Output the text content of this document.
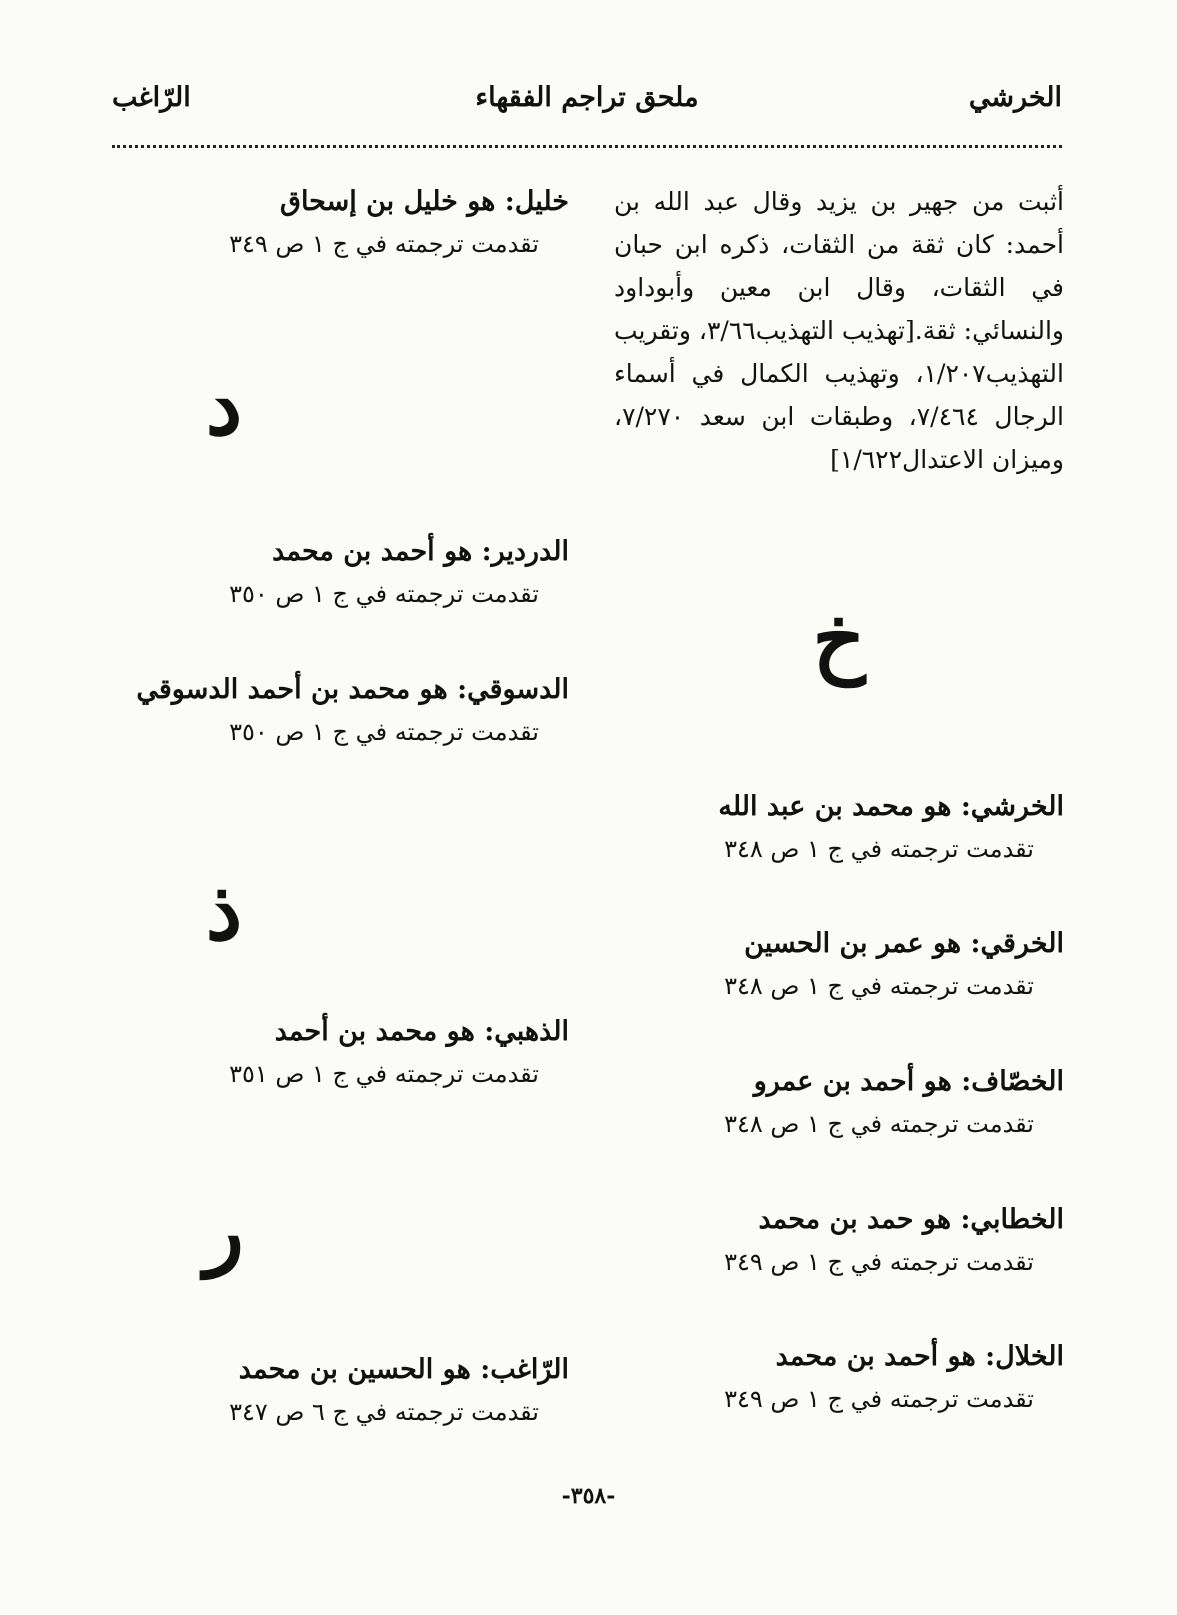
الخرشي
ملحق تراجم الفقهاء
الرّاغب

أثبت من جهير بن يزيد وقال عبد الله بن أحمد: كان ثقة من الثقات، ذكره ابن حبان في الثقات، وقال ابن معين وأبوداود والنسائي: ثقة.[تهذيب التهذيب٣/٦٦، وتقريب التهذيب١/٢٠٧، وتهذيب الكمال في أسماء الرجال ٧/٤٦٤، وطبقات ابن سعد ٧/٢٧٠، وميزان الاعتدال١/٦٢٢]

خ
الخرشي: هو محمد بن عبد الله
تقدمت ترجمته في ج ١ ص ٣٤٨
الخرقي: هو عمر بن الحسين
تقدمت ترجمته في ج ١ ص ٣٤٨
الخصّاف: هو أحمد بن عمرو
تقدمت ترجمته في ج ١ ص ٣٤٨
الخطابي: هو حمد بن محمد
تقدمت ترجمته في ج ١ ص ٣٤٩
الخلال: هو أحمد بن محمد
تقدمت ترجمته في ج ١ ص ٣٤٩
خليل: هو خليل بن إسحاق
تقدمت ترجمته في ج ١ ص ٣٤٩
د
الدردير: هو أحمد بن محمد
تقدمت ترجمته في ج ١ ص ٣٥٠
الدسوقي: هو محمد بن أحمد الدسوقي
تقدمت ترجمته في ج ١ ص ٣٥٠
ذ
الذهبي: هو محمد بن أحمد
تقدمت ترجمته في ج ١ ص ٣٥١
ر
الرّاغب: هو الحسين بن محمد
تقدمت ترجمته في ج ٦ ص ٣٤٧
-٣٥٨-
